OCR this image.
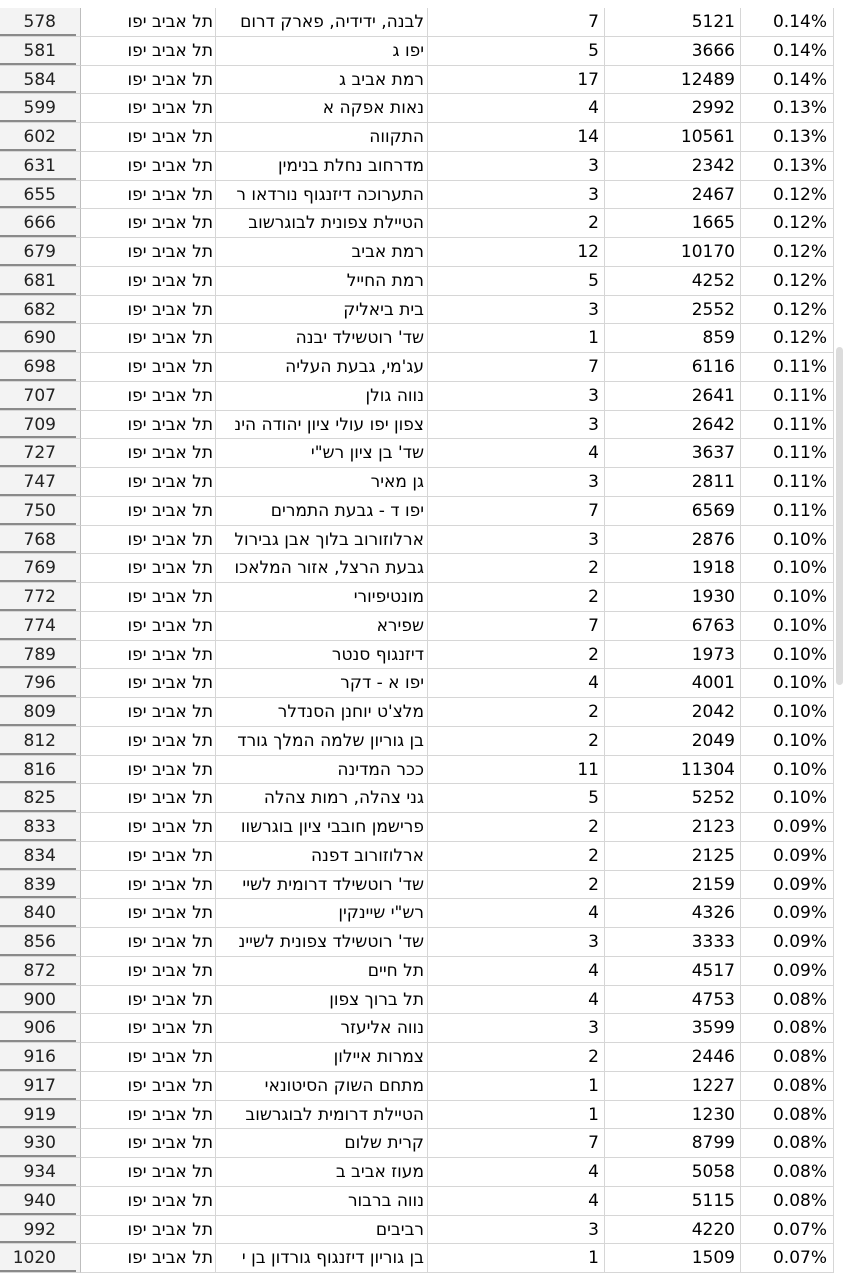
578	תל אביב יפו	לבנה, ידידיה, פארק דרום	7	5121	0.14%
581	תל אביב יפו	יפו ג	5	3666	0.14%
584	תל אביב יפו	רמת אביב ג	17	12489	0.14%
599	תל אביב יפו	נאות אפקה א	4	2992	0.13%
602	תל אביב יפו	התקווה	14	10561	0.13%
631	תל אביב יפו	מדרחוב נחלת בנימין	3	2342	0.13%
655	תל אביב יפו	התערוכה דיזנגוף נורדאו ר	3	2467	0.12%
666	תל אביב יפו	הטיילת צפונית לבוגרשוב	2	1665	0.12%
679	תל אביב יפו	רמת אביב	12	10170	0.12%
681	תל אביב יפו	רמת החייל	5	4252	0.12%
682	תל אביב יפו	בית ביאליק	3	2552	0.12%
690	תל אביב יפו	שד' רוטשילד יבנה	1	859	0.12%
698	תל אביב יפו	עג'מי, גבעת העליה	7	6116	0.11%
707	תל אביב יפו	נווה גולן	3	2641	0.11%
709	תל אביב יפו	צפון יפו עולי ציון יהודה הינ	3	2642	0.11%
727	תל אביב יפו	שד' בן ציון רש"י	4	3637	0.11%
747	תל אביב יפו	גן מאיר	3	2811	0.11%
750	תל אביב יפו	יפו ד - גבעת התמרים	7	6569	0.11%
768	תל אביב יפו	ארלוזורוב בלוך אבן גבירול	3	2876	0.10%
769	תל אביב יפו	גבעת הרצל, אזור המלאכו	2	1918	0.10%
772	תל אביב יפו	מונטיפיורי	2	1930	0.10%
774	תל אביב יפו	שפירא	7	6763	0.10%
789	תל אביב יפו	דיזנגוף סנטר	2	1973	0.10%
796	תל אביב יפו	יפו א - דקר	4	4001	0.10%
809	תל אביב יפו	מלצ'ט יוחנן הסנדלר	2	2042	0.10%
812	תל אביב יפו	בן גוריון שלמה המלך גורד	2	2049	0.10%
816	תל אביב יפו	ככר המדינה	11	11304	0.10%
825	תל אביב יפו	גני צהלה, רמות צהלה	5	5252	0.10%
833	תל אביב יפו	פרישמן חובבי ציון בוגרשוו	2	2123	0.09%
834	תל אביב יפו	ארלוזורוב דפנה	2	2125	0.09%
839	תל אביב יפו	שד' רוטשילד דרומית לשיי	2	2159	0.09%
840	תל אביב יפו	רש"י שיינקין	4	4326	0.09%
856	תל אביב יפו	שד' רוטשילד צפונית לשיינ	3	3333	0.09%
872	תל אביב יפו	תל חיים	4	4517	0.09%
900	תל אביב יפו	תל ברוך צפון	4	4753	0.08%
906	תל אביב יפו	נווה אליעזר	3	3599	0.08%
916	תל אביב יפו	צמרות איילון	2	2446	0.08%
917	תל אביב יפו	מתחם השוק הסיטונאי	1	1227	0.08%
919	תל אביב יפו	הטיילת דרומית לבוגרשוב	1	1230	0.08%
930	תל אביב יפו	קרית שלום	7	8799	0.08%
934	תל אביב יפו	מעוז אביב ב	4	5058	0.08%
940	תל אביב יפו	נווה ברבור	4	5115	0.08%
992	תל אביב יפו	רביבים	3	4220	0.07%
1020	תל אביב יפו	בן גוריון דיזנגוף גורדון בן י	1	1509	0.07%
